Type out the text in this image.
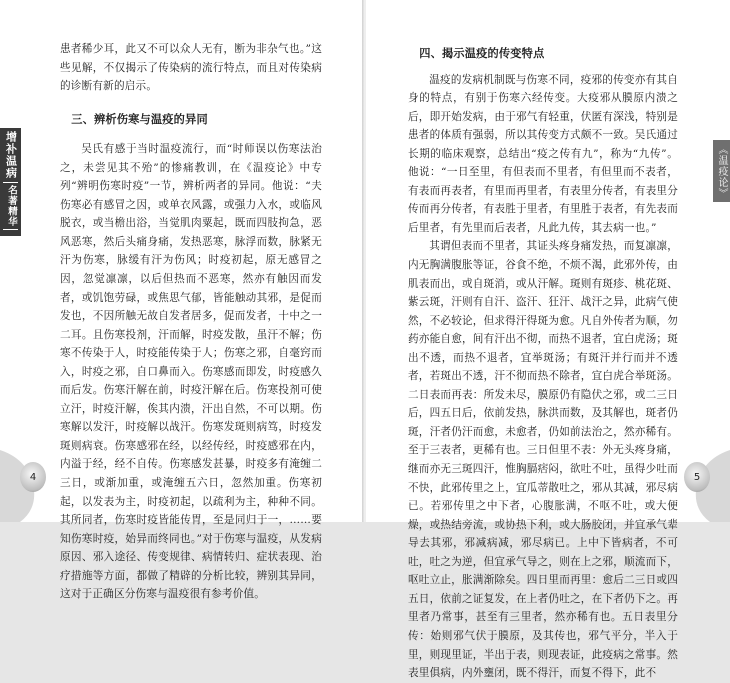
增补温病
名著精华

患者稀少耳，此又不可以众人无有，断为非杂气也。”这些见解，不仅揭示了传染病的流行特点，而且对传染病的诊断有新的启示。

三、辨析伤寒与温疫的异同

吴氏有感于当时温疫流行，而“时师误以伤寒法治之，未尝见其不殆”的惨痛教训，在《温疫论》中专列“辨明伤寒时疫”一节，辨析两者的异同。他说：“夫伤寒必有感冒之因，或单衣风露，或强力入水，或临风脱衣，或当檐出浴，当觉肌肉粟起，既而四肢拘急，恶风恶寒，然后头痛身痛，发热恶寒，脉浮而数，脉紧无汗为伤寒，脉缓有汗为伤风；时疫初起，原无感冒之因，忽觉凛凛，以后但热而不恶寒，然亦有触因而发者，或饥饱劳碌，或焦思气郁，皆能触动其邪，是促而发也，不因所触无故自发者居多，促而发者，十中之一二耳。且伤寒投剂，汗而解，时疫发散，虽汗不解；伤寒不传染于人，时疫能传染于人；伤寒之邪，自毫窍而入，时疫之邪，自口鼻而入。伤寒感而即发，时疫感久而后发。伤寒汗解在前，时疫汗解在后。伤寒投剂可使立汗，时疫汗解，俟其内溃，汗出自然，不可以期。伤寒解以发汗，时疫解以战汗。伤寒发斑则病笃，时疫发斑则病衰。伤寒感邪在经，以经传经，时疫感邪在内，内溢于经，经不自传。伤寒感发甚暴，时疫多有淹缠二三日，或渐加重，或淹缠五六日，忽然加重。伤寒初起，以发表为主，时疫初起，以疏利为主，种种不同。其所同者，伤寒时疫皆能传胃，至是同归于一，……要知伤寒时疫，始异而终同也。”对于伤寒与温疫，从发病原因、邪入途径、传变规律、病情转归、症状表现、治疗措施等方面，都做了精辟的分析比较，辨别其异同，这对于正确区分伤寒与温疫很有参考价值。

4
《温疫论》
四、揭示温疫的传变特点

温疫的发病机制既与伤寒不同，疫邪的传变亦有其自身的特点，有别于伤寒六经传变。大疫邪从膜原内溃之后，即开始发病，由于邪气有轻重，伏匿有深浅，特别是患者的体质有强弱，所以其传变方式颇不一致。吴氏通过长期的临床观察，总结出“疫之传有九”，称为“九传”。他说：“一日至里，有但表而不里者，有但里而不表者，有表而再表者，有里而再里者，有表里分传者，有表里分传而再分传者，有表胜于里者，有里胜于表者，有先表而后里者，有先里而后表者，凡此九传，其去病一也。”

其谓但表而不里者，其证头疼身痛发热，而复凛凛，内无胸满腹胀等证，谷食不绝，不烦不渴，此邪外传，由肌表而出，或自斑消，或从汗解。斑则有斑疹、桃花斑、紫云斑，汗则有自汗、盗汗、狂汗、战汗之异，此病气使然，不必较论，但求得汗得斑为愈。凡自外传者为顺，勿药亦能自愈，间有汗出不彻，而热不退者，宜白虎汤；斑出不透，而热不退者，宜举斑汤；有斑汗并行而并不透者，若斑出不透，汗不彻而热不除者，宜白虎合举斑汤。二日表而再表：所发未尽，膜原仍有隐伏之邪，或二三日后，四五日后，依前发热，脉洪而数，及其解也，斑者仍斑，汗者仍汗而愈，未愈者，仍如前法治之，然亦稀有。至于三表者，更稀有也。三日但里不表：外无头疼身痛，继而亦无三斑四汗，惟胸膈痞闷，欲吐不吐，虽得少吐而不快，此邪传里之上，宜瓜蒂散吐之，邪从其减，邪尽病已。若邪传里之中下者，心腹胀满，不呕不吐，或大便燥，或热结旁流，或协热下利，或大肠胶闭，并宜承气辈导去其邪，邪减病减，邪尽病已。上中下皆病者，不可吐，吐之为逆，但宜承气导之，则在上之邪，顺流而下，呕吐立止，胀满渐除矣。四日里而再里：愈后二三日或四五日，依前之证复发，在上者仍吐之，在下者仍下之。再里者乃常事，甚至有三里者，然亦稀有也。五日表里分传：始则邪气伏于膜原，及其传也，邪气平分，半入于里，则现里证，半出于表，则现表证，此疫病之常事。然表里俱病，内外壅闭，既不得汗，而复不得下，此不

5
